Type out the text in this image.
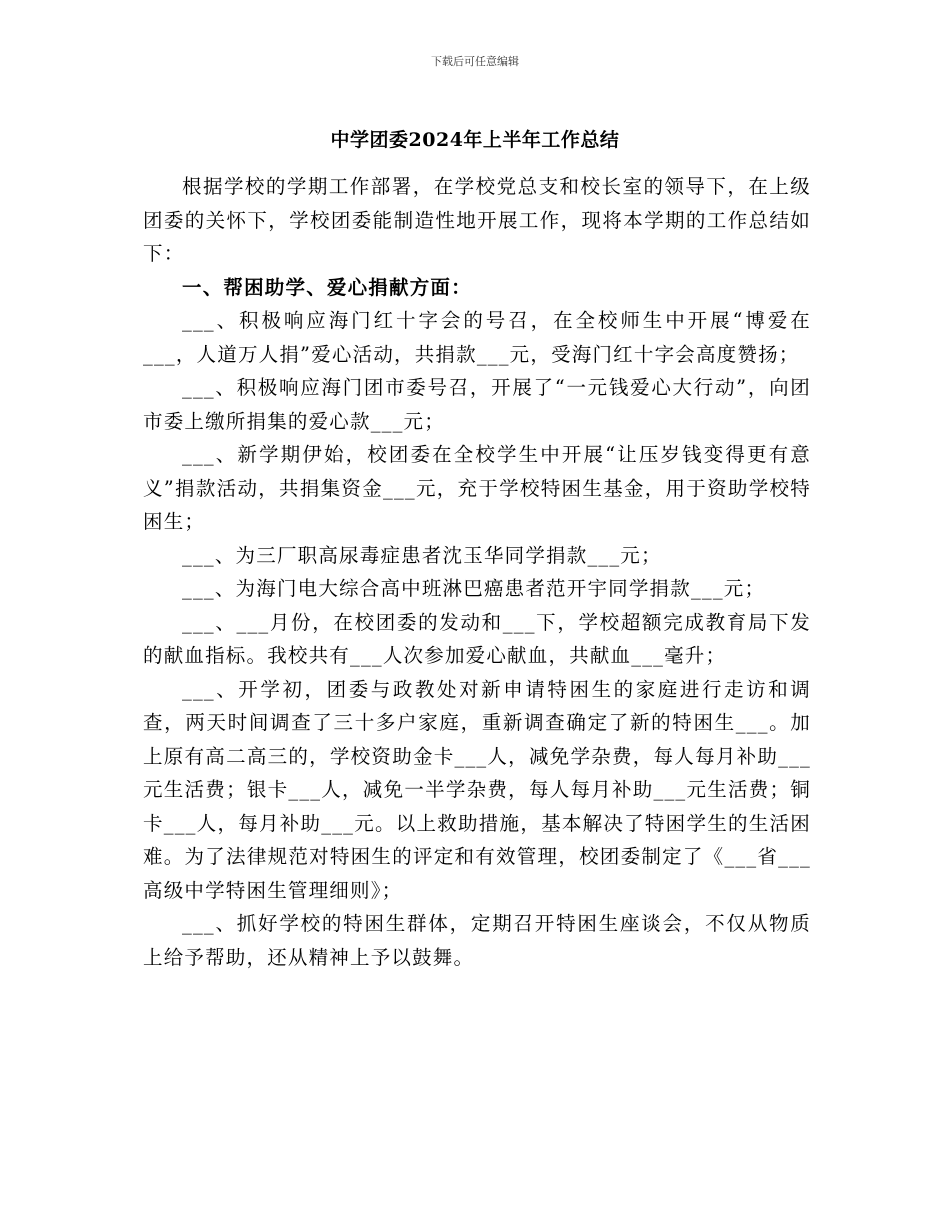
下载后可任意编辑
中学团委2024年上半年工作总结

根据学校的学期工作部署，在学校党总支和校长室的领导下，在上级团委的关怀下，学校团委能制造性地开展工作，现将本学期的工作总结如下：

一、帮困助学、爱心捐献方面：

___、积极响应海门红十字会的号召，在全校师生中开展“博爱在___，人道万人捐”爱心活动，共捐款___元，受海门红十字会高度赞扬；

___、积极响应海门团市委号召，开展了“一元钱爱心大行动”，向团市委上缴所捐集的爱心款___元；

___、新学期伊始，校团委在全校学生中开展“让压岁钱变得更有意义”捐款活动，共捐集资金___元，充于学校特困生基金，用于资助学校特困生；

___、为三厂职高尿毒症患者沈玉华同学捐款___元；

___、为海门电大综合高中班淋巴癌患者范开宇同学捐款___元；

___、___月份，在校团委的发动和___下，学校超额完成教育局下发的献血指标。我校共有___人次参加爱心献血，共献血___毫升；

___、开学初，团委与政教处对新申请特困生的家庭进行走访和调查，两天时间调查了三十多户家庭，重新调查确定了新的特困生___。加上原有高二高三的，学校资助金卡___人，减免学杂费，每人每月补助___元生活费；银卡___人，减免一半学杂费，每人每月补助___元生活费；铜卡___人，每月补助___元。以上救助措施，基本解决了特困学生的生活困难。为了法律规范对特困生的评定和有效管理，校团委制定了《___省___高级中学特困生管理细则》；

___、抓好学校的特困生群体，定期召开特困生座谈会，不仅从物质上给予帮助，还从精神上予以鼓舞。
